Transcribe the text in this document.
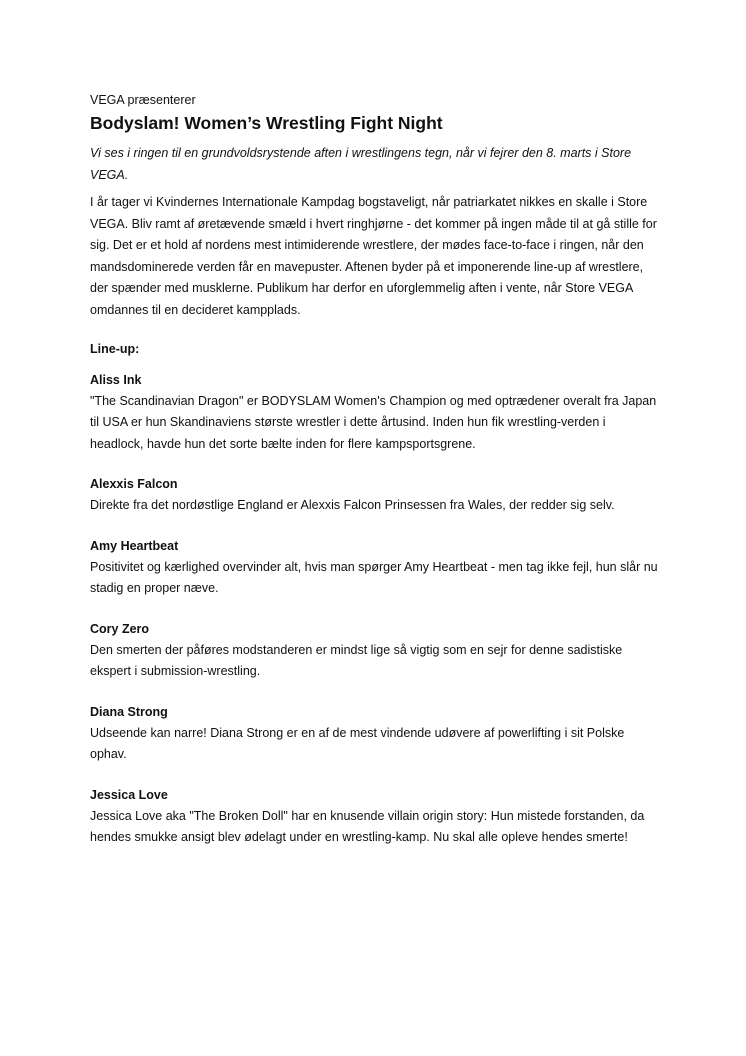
VEGA præsenterer

Bodyslam! Women’s Wrestling Fight Night

Vi ses i ringen til en grundvoldsrystende aften i wrestlingens tegn, når vi fejrer den 8. marts i Store VEGA.

I år tager vi Kvindernes Internationale Kampdag bogstaveligt, når patriarkatet nikkes en skalle i Store VEGA. Bliv ramt af øretævende smæld i hvert ringhjørne - det kommer på ingen måde til at gå stille for sig. Det er et hold af nordens mest intimiderende wrestlere, der mødes face-to-face i ringen, når den mandsdominerede verden får en mavepuster. Aftenen byder på et imponerende line-up af wrestlere, der spænder med musklerne. Publikum har derfor en uforglemmelig aften i vente, når Store VEGA omdannes til en decideret kampplads.

Line-up:

Aliss Ink

"The Scandinavian Dragon" er BODYSLAM Women's Champion og med optrædener overalt fra Japan til USA er hun Skandinaviens største wrestler i dette årtusind. Inden hun fik wrestling-verden i headlock, havde hun det sorte bælte inden for flere kampsportsgrene.

Alexxis Falcon

Direkte fra det nordøstlige England er Alexxis Falcon Prinsessen fra Wales, der redder sig selv.

Amy Heartbeat

Positivitet og kærlighed overvinder alt, hvis man spørger Amy Heartbeat - men tag ikke fejl, hun slår nu stadig en proper næve.

Cory Zero

Den smerten der påføres modstanderen er mindst lige så vigtig som en sejr for denne sadistiske ekspert i submission-wrestling.

Diana Strong

Udseende kan narre! Diana Strong er en af de mest vindende udøvere af powerlifting i sit Polske ophav.

Jessica Love

Jessica Love aka "The Broken Doll" har en knusende villain origin story: Hun mistede forstanden, da hendes smukke ansigt blev ødelagt under en wrestling-kamp. Nu skal alle opleve hendes smerte!
